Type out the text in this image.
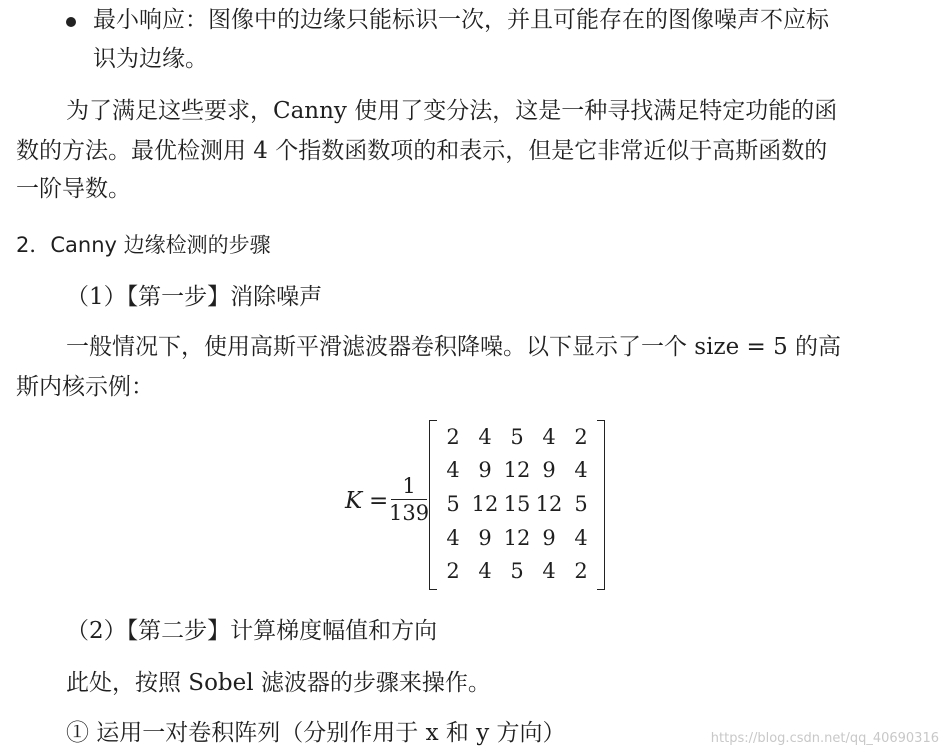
最小响应：图像中的边缘只能标识一次，并且可能存在的图像噪声不应标
识为边缘。
为了满足这些要求，Canny 使用了变分法，这是一种寻找满足特定功能的函
数的方法。最优检测用 4 个指数函数项的和表示，但是它非常近似于高斯函数的
一阶导数。
2．Canny 边缘检测的步骤
（1）【第一步】消除噪声
一般情况下，使用高斯平滑滤波器卷积降噪。以下显示了一个 size = 5 的高
斯内核示例：
K =
1
139
2 4 5 4 2
4 9 12 9 4
5 12 15 12 5
4 9 12 9 4
2 4 5 4 2
（2）【第二步】计算梯度幅值和方向
此处，按照 Sobel 滤波器的步骤来操作。
① 运用一对卷积阵列（分别作用于 x 和 y 方向）	https://blog.csdn.net/qq_40690316
